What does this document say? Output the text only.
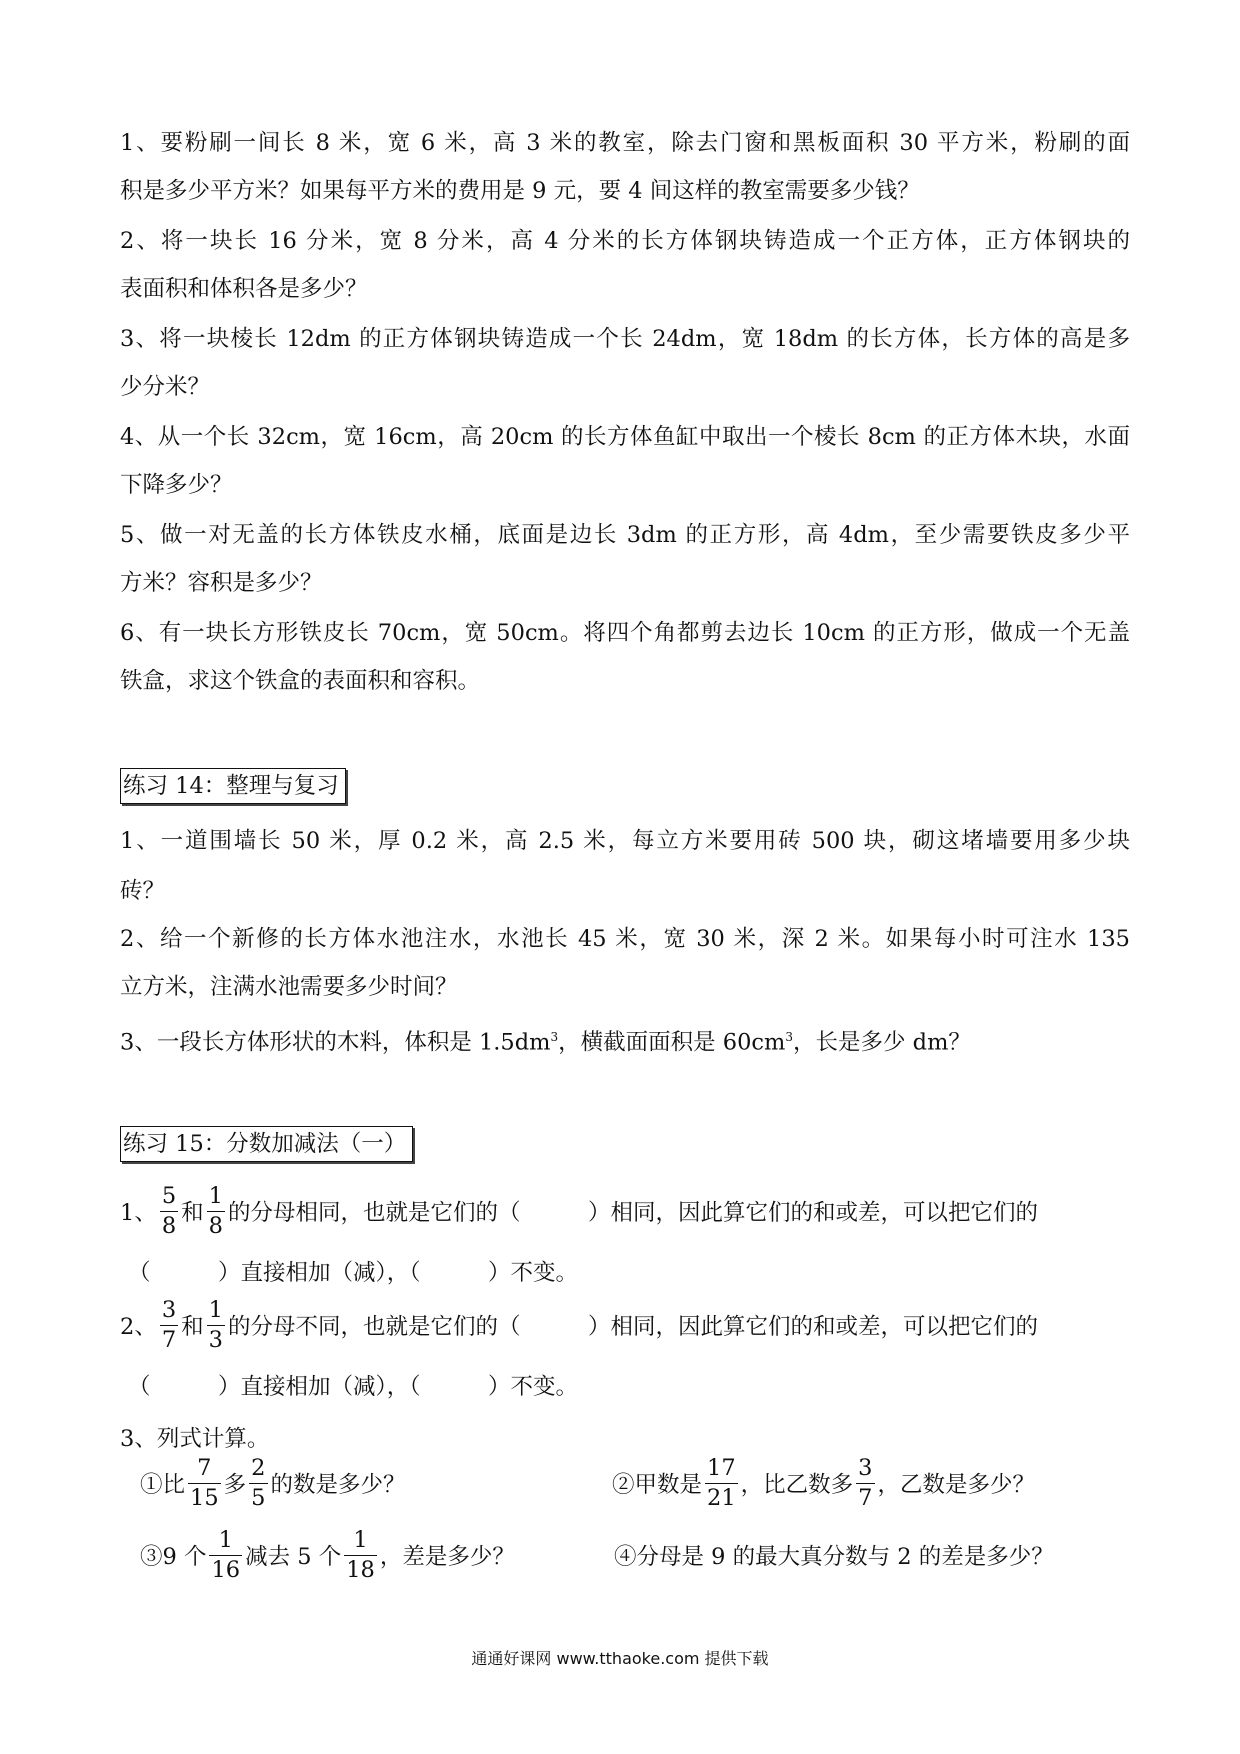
1、要粉刷一间长 8 米，宽 6 米，高 3 米的教室，除去门窗和黑板面积 30 平方米，粉刷的面
积是多少平方米？如果每平方米的费用是 9 元，要 4 间这样的教室需要多少钱？
2、将一块长 16 分米，宽 8 分米，高 4 分米的长方体钢块铸造成一个正方体，正方体钢块的
表面积和体积各是多少？
3、将一块棱长 12dm 的正方体钢块铸造成一个长 24dm，宽 18dm 的长方体，长方体的高是多
少分米？
4、从一个长 32cm，宽 16cm，高 20cm 的长方体鱼缸中取出一个棱长 8cm 的正方体木块，水面
下降多少？
5、做一对无盖的长方体铁皮水桶，底面是边长 3dm 的正方形，高 4dm，至少需要铁皮多少平
方米？容积是多少？
6、有一块长方形铁皮长 70cm，宽 50cm。将四个角都剪去边长 10cm 的正方形，做成一个无盖
铁盒，求这个铁盒的表面积和容积。
练习 14：整理与复习
1、一道围墙长 50 米，厚 0.2 米，高 2.5 米，每立方米要用砖 500 块，砌这堵墙要用多少块
砖？
2、给一个新修的长方体水池注水，水池长 45 米，宽 30 米，深 2 米。如果每小时可注水 135
立方米，注满水池需要多少时间？
3、一段长方体形状的木料，体积是 $1.5dm^3$，横截面面积是 $60cm^3$，长是多少 dm？
练习 15：分数加减法（一）
1、 $\frac{5}{8}$ 和 $\frac{1}{8}$ 的分母相同，也就是它们的（　　　）相同，因此算它们的和或差，可以把它们的
（　　　）直接相加（减），（　　　）不变。
2、 $\frac{3}{7}$ 和 $\frac{1}{3}$ 的分母不同，也就是它们的（　　　）相同，因此算它们的和或差，可以把它们的
（　　　）直接相加（减），（　　　）不变。
3、列式计算。
①比 $\frac{7}{15}$ 多 $\frac{2}{5}$ 的数是多少？	②甲数是 $\frac{17}{21}$ ，比乙数多 $\frac{3}{7}$ ，乙数是多少？
③9 个 $\frac{1}{16}$ 减去 5 个 $\frac{1}{18}$ ，差是多少？	④分母是 9 的最大真分数与 2 的差是多少？
通通好课网 www.tthaoke.com 提供下载
